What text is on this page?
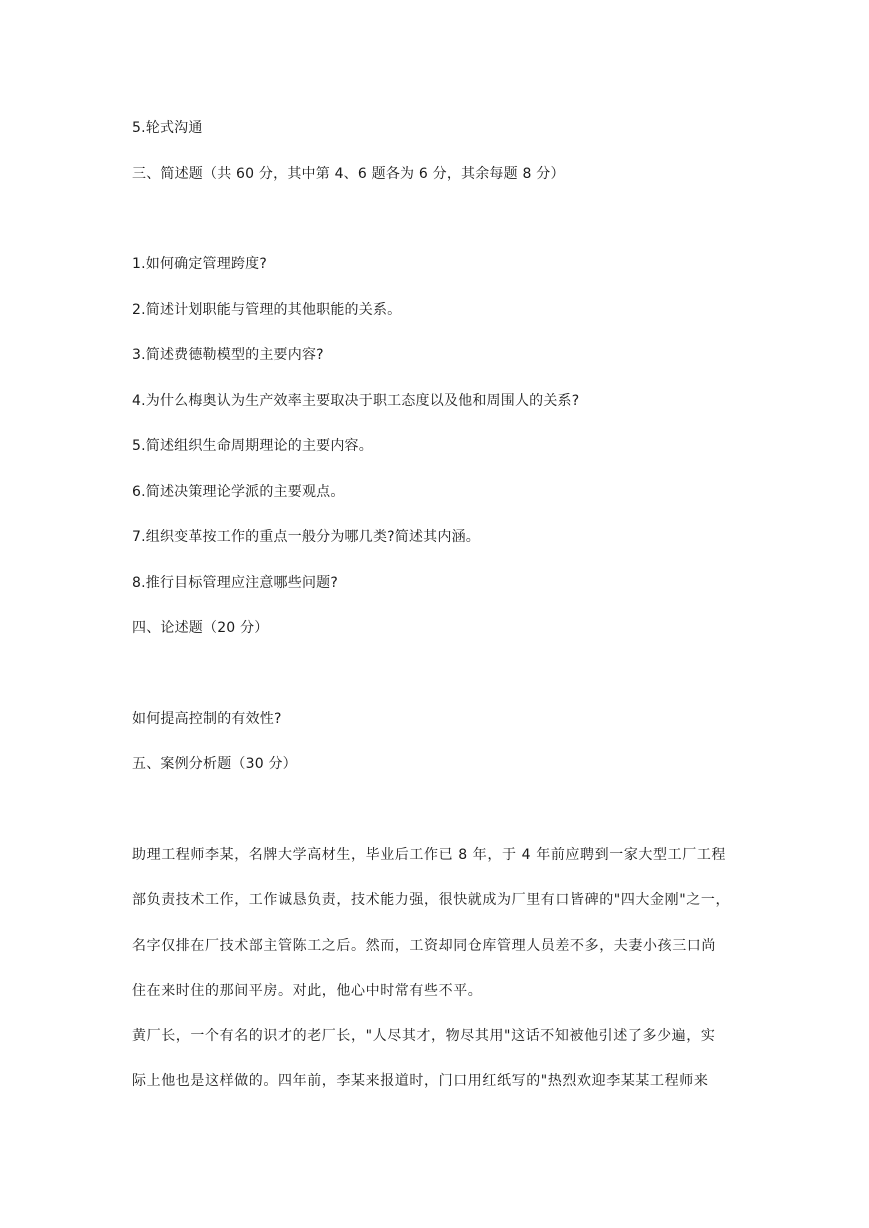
5.轮式沟通
三、简述题（共 60 分，其中第 4、6 题各为 6 分，其余每题 8 分）
1.如何确定管理跨度?
2.简述计划职能与管理的其他职能的关系。
3.简述费德勒模型的主要内容?
4.为什么梅奥认为生产效率主要取决于职工态度以及他和周围人的关系?
5.简述组织生命周期理论的主要内容。
6.简述决策理论学派的主要观点。
7.组织变革按工作的重点一般分为哪几类?简述其内涵。
8.推行目标管理应注意哪些问题?
四、论述题（20 分）
如何提高控制的有效性?
五、案例分析题（30 分）
助理工程师李某，名牌大学高材生，毕业后工作已 8 年，于 4 年前应聘到一家大型工厂工程
部负责技术工作，工作诚恳负责，技术能力强，很快就成为厂里有口皆碑的"四大金刚"之一，
名字仅排在厂技术部主管陈工之后。然而，工资却同仓库管理人员差不多，夫妻小孩三口尚
住在来时住的那间平房。对此，他心中时常有些不平。
黄厂长，一个有名的识才的老厂长，"人尽其才，物尽其用"这话不知被他引述了多少遍，实
际上他也是这样做的。四年前，李某来报道时，门口用红纸写的"热烈欢迎李某某工程师来
